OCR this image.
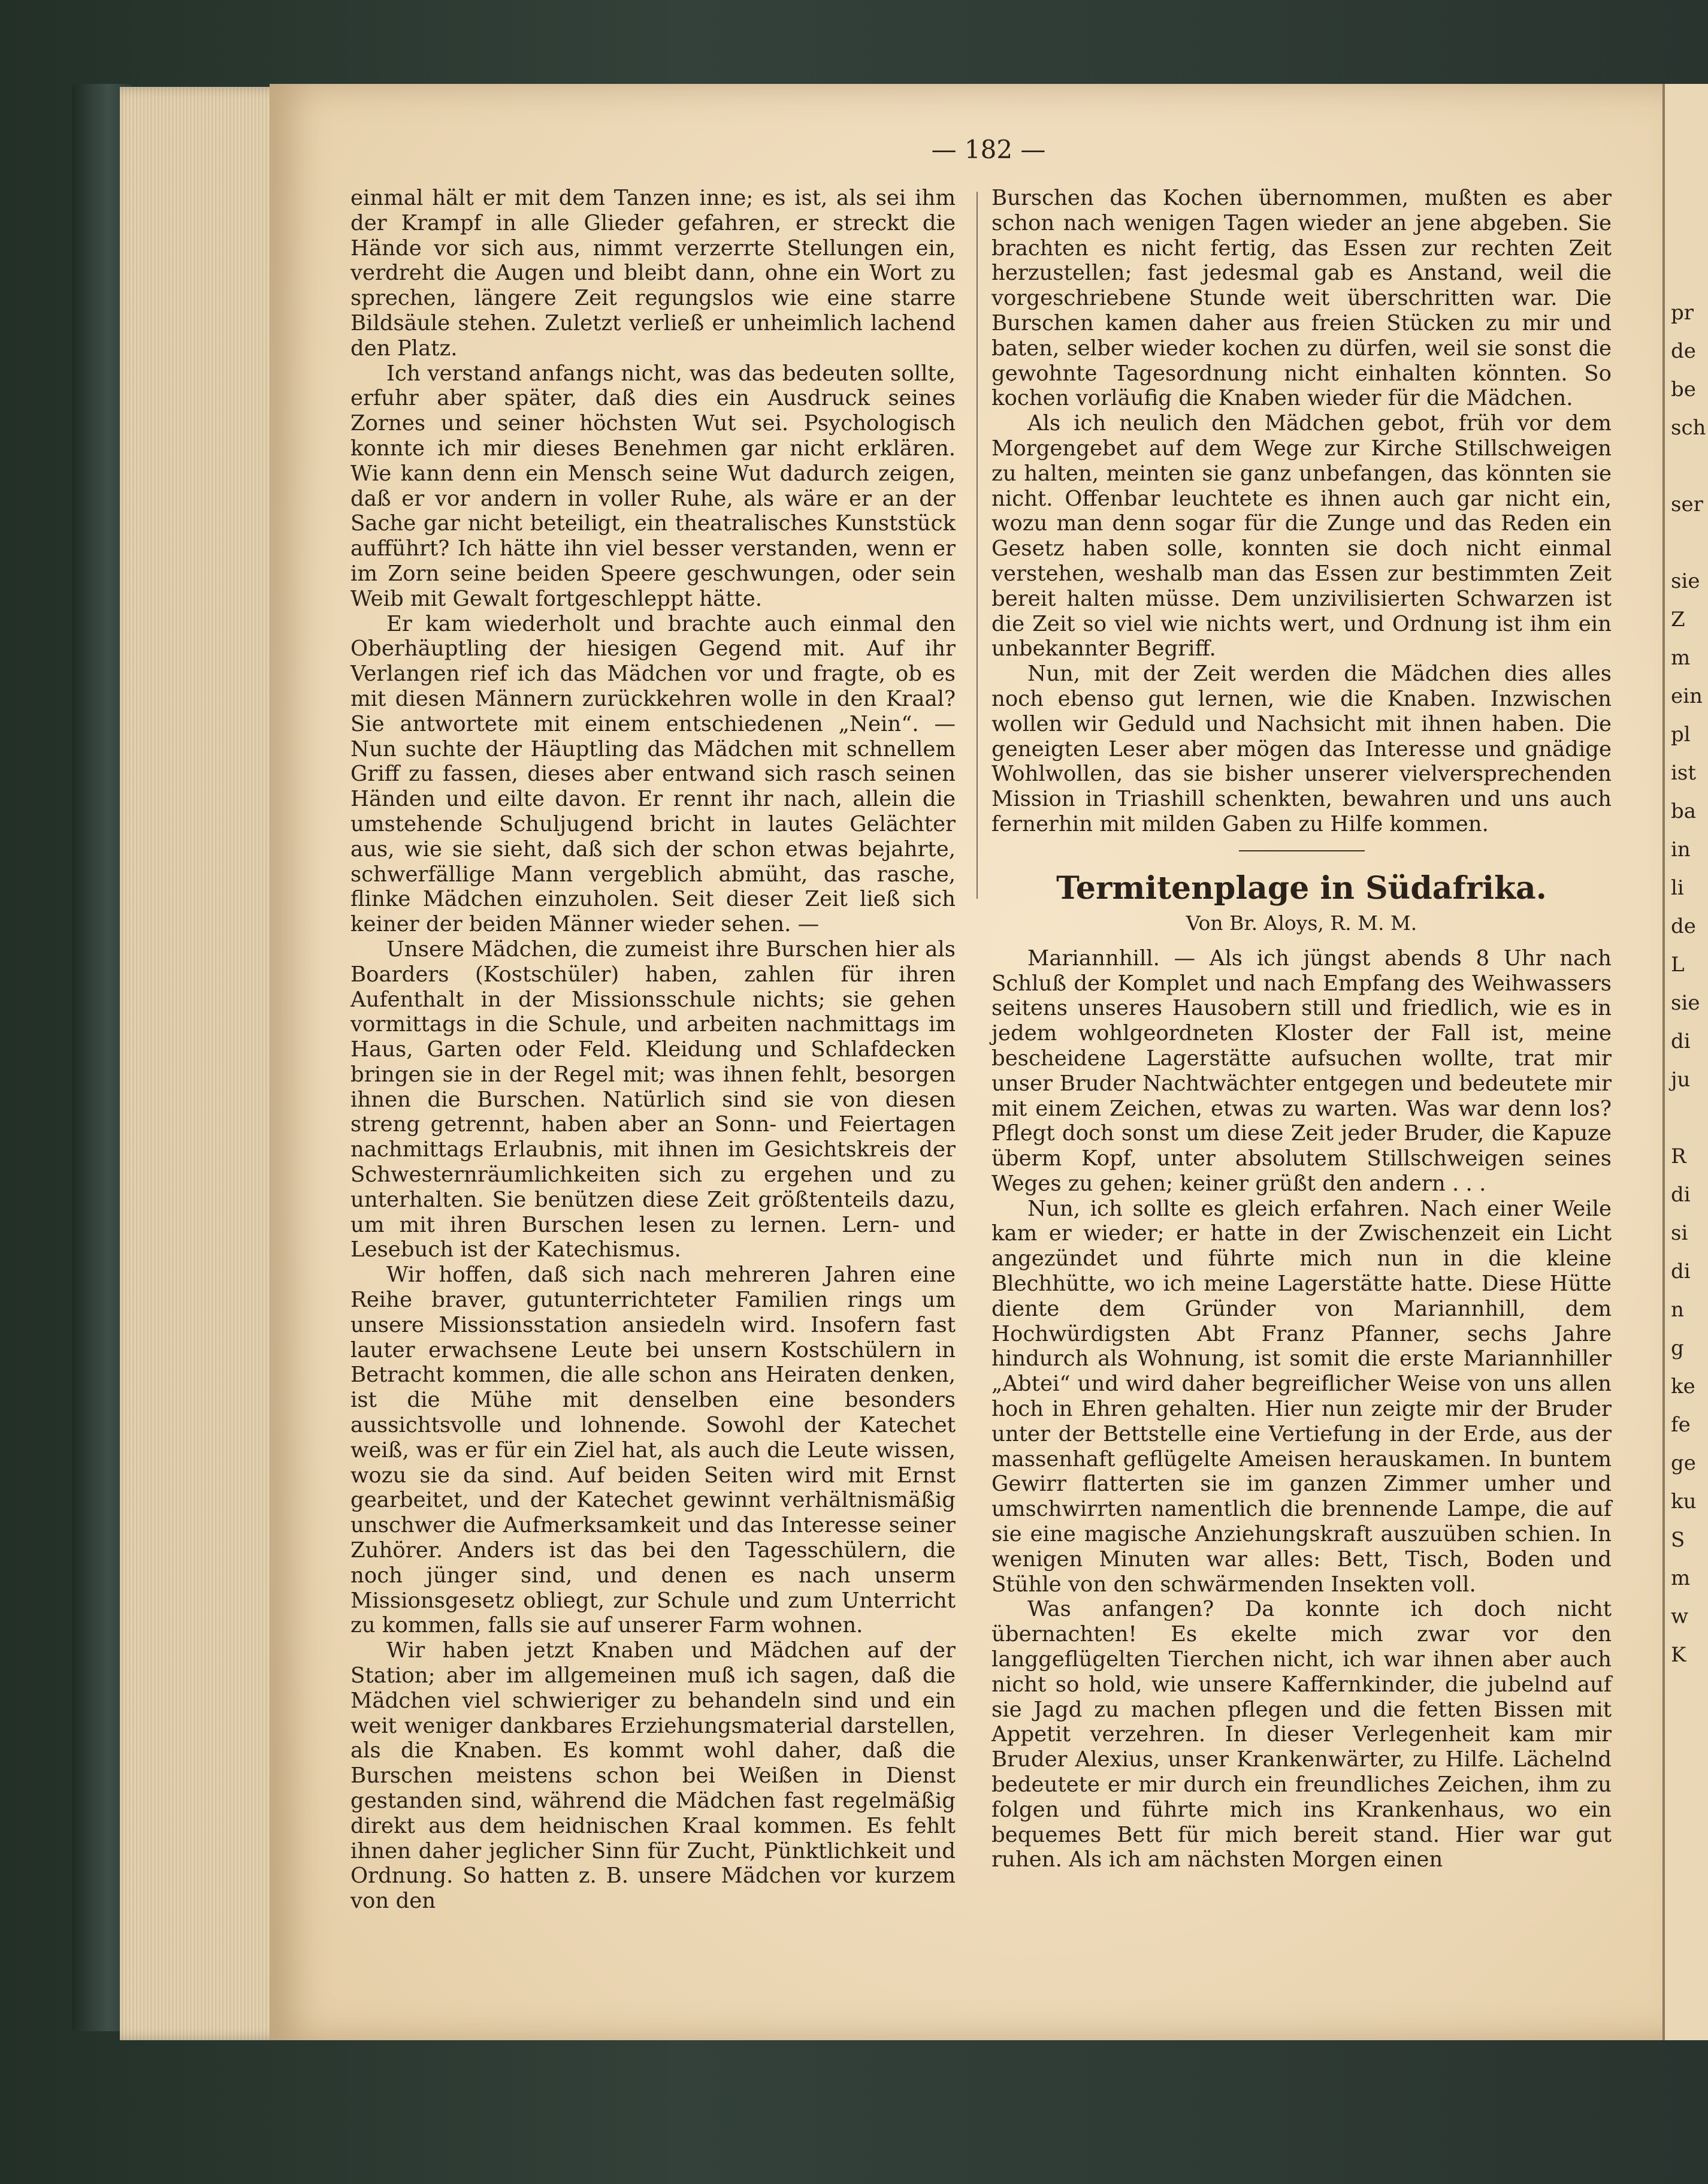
— 182 —

einmal hält er mit dem Tanzen inne; es ist, als sei ihm der Krampf in alle Glieder gefahren, er streckt die Hände vor sich aus, nimmt verzerrte Stellungen ein, verdreht die Augen und bleibt dann, ohne ein Wort zu sprechen, längere Zeit regungslos wie eine starre Bildsäule stehen. Zuletzt verließ er unheimlich lachend den Platz.

Ich verstand anfangs nicht, was das bedeuten sollte, erfuhr aber später, daß dies ein Ausdruck seines Zornes und seiner höchsten Wut sei. Psychologisch konnte ich mir dieses Benehmen gar nicht erklären. Wie kann denn ein Mensch seine Wut dadurch zeigen, daß er vor andern in voller Ruhe, als wäre er an der Sache gar nicht beteiligt, ein theatralisches Kunststück aufführt? Ich hätte ihn viel besser verstanden, wenn er im Zorn seine beiden Speere geschwungen, oder sein Weib mit Gewalt fortgeschleppt hätte.

Er kam wiederholt und brachte auch einmal den Oberhäuptling der hiesigen Gegend mit. Auf ihr Verlangen rief ich das Mädchen vor und fragte, ob es mit diesen Männern zurückkehren wolle in den Kraal? Sie antwortete mit einem entschiedenen „Nein“. — Nun suchte der Häuptling das Mädchen mit schnellem Griff zu fassen, dieses aber entwand sich rasch seinen Händen und eilte davon. Er rennt ihr nach, allein die umstehende Schuljugend bricht in lautes Gelächter aus, wie sie sieht, daß sich der schon etwas bejahrte, schwerfällige Mann vergeblich abmüht, das rasche, flinke Mädchen einzuholen. Seit dieser Zeit ließ sich keiner der beiden Männer wieder sehen. —

Unsere Mädchen, die zumeist ihre Burschen hier als Boarders (Kostschüler) haben, zahlen für ihren Aufenthalt in der Missionsschule nichts; sie gehen vormittags in die Schule, und arbeiten nachmittags im Haus, Garten oder Feld. Kleidung und Schlafdecken bringen sie in der Regel mit; was ihnen fehlt, besorgen ihnen die Burschen. Natürlich sind sie von diesen streng getrennt, haben aber an Sonn- und Feiertagen nachmittags Erlaubnis, mit ihnen im Gesichtskreis der Schwesternräumlichkeiten sich zu ergehen und zu unterhalten. Sie benützen diese Zeit größtenteils dazu, um mit ihren Burschen lesen zu lernen. Lern- und Lesebuch ist der Katechismus.

Wir hoffen, daß sich nach mehreren Jahren eine Reihe braver, gutunterrichteter Familien rings um unsere Missionsstation ansiedeln wird. Insofern fast lauter erwachsene Leute bei unsern Kostschülern in Betracht kommen, die alle schon ans Heiraten denken, ist die Mühe mit denselben eine besonders aussichtsvolle und lohnende. Sowohl der Katechet weiß, was er für ein Ziel hat, als auch die Leute wissen, wozu sie da sind. Auf beiden Seiten wird mit Ernst gearbeitet, und der Katechet gewinnt verhältnismäßig unschwer die Aufmerksamkeit und das Interesse seiner Zuhörer. Anders ist das bei den Tagesschülern, die noch jünger sind, und denen es nach unserm Missionsgesetz obliegt, zur Schule und zum Unterricht zu kommen, falls sie auf unserer Farm wohnen.

Wir haben jetzt Knaben und Mädchen auf der Station; aber im allgemeinen muß ich sagen, daß die Mädchen viel schwieriger zu behandeln sind und ein weit weniger dankbares Erziehungsmaterial darstellen, als die Knaben. Es kommt wohl daher, daß die Burschen meistens schon bei Weißen in Dienst gestanden sind, während die Mädchen fast regelmäßig direkt aus dem heidnischen Kraal kommen. Es fehlt ihnen daher jeglicher Sinn für Zucht, Pünktlichkeit und Ordnung. So hatten z. B. unsere Mädchen vor kurzem von den

Burschen das Kochen übernommen, mußten es aber schon nach wenigen Tagen wieder an jene abgeben. Sie brachten es nicht fertig, das Essen zur rechten Zeit herzustellen; fast jedesmal gab es Anstand, weil die vorgeschriebene Stunde weit überschritten war. Die Burschen kamen daher aus freien Stücken zu mir und baten, selber wieder kochen zu dürfen, weil sie sonst die gewohnte Tagesordnung nicht einhalten könnten. So kochen vorläufig die Knaben wieder für die Mädchen.

Als ich neulich den Mädchen gebot, früh vor dem Morgengebet auf dem Wege zur Kirche Stillschweigen zu halten, meinten sie ganz unbefangen, das könnten sie nicht. Offenbar leuchtete es ihnen auch gar nicht ein, wozu man denn sogar für die Zunge und das Reden ein Gesetz haben solle, konnten sie doch nicht einmal verstehen, weshalb man das Essen zur bestimmten Zeit bereit halten müsse. Dem unzivilisierten Schwarzen ist die Zeit so viel wie nichts wert, und Ordnung ist ihm ein unbekannter Begriff.

Nun, mit der Zeit werden die Mädchen dies alles noch ebenso gut lernen, wie die Knaben. Inzwischen wollen wir Geduld und Nachsicht mit ihnen haben. Die geneigten Leser aber mögen das Interesse und gnädige Wohlwollen, das sie bisher unserer vielversprechenden Mission in Triashill schenkten, bewahren und uns auch fernerhin mit milden Gaben zu Hilfe kommen.

Termitenplage in Südafrika.
Von Br. Aloys, R. M. M.

Mariannhill. — Als ich jüngst abends 8 Uhr nach Schluß der Komplet und nach Empfang des Weihwassers seitens unseres Hausobern still und friedlich, wie es in jedem wohlgeordneten Kloster der Fall ist, meine bescheidene Lagerstätte aufsuchen wollte, trat mir unser Bruder Nachtwächter entgegen und bedeutete mir mit einem Zeichen, etwas zu warten. Was war denn los? Pflegt doch sonst um diese Zeit jeder Bruder, die Kapuze überm Kopf, unter absolutem Stillschweigen seines Weges zu gehen; keiner grüßt den andern . . .

Nun, ich sollte es gleich erfahren. Nach einer Weile kam er wieder; er hatte in der Zwischenzeit ein Licht angezündet und führte mich nun in die kleine Blechhütte, wo ich meine Lagerstätte hatte. Diese Hütte diente dem Gründer von Mariannhill, dem Hochwürdigsten Abt Franz Pfanner, sechs Jahre hindurch als Wohnung, ist somit die erste Mariannhiller „Abtei“ und wird daher begreiflicher Weise von uns allen hoch in Ehren gehalten. Hier nun zeigte mir der Bruder unter der Bettstelle eine Vertiefung in der Erde, aus der massenhaft geflügelte Ameisen herauskamen. In buntem Gewirr flatterten sie im ganzen Zimmer umher und umschwirrten namentlich die brennende Lampe, die auf sie eine magische Anziehungskraft auszuüben schien. In wenigen Minuten war alles: Bett, Tisch, Boden und Stühle von den schwärmenden Insekten voll.

Was anfangen? Da konnte ich doch nicht übernachten! Es ekelte mich zwar vor den langgeflügelten Tierchen nicht, ich war ihnen aber auch nicht so hold, wie unsere Kaffernkinder, die jubelnd auf sie Jagd zu machen pflegen und die fetten Bissen mit Appetit verzehren. In dieser Verlegenheit kam mir Bruder Alexius, unser Krankenwärter, zu Hilfe. Lächelnd bedeutete er mir durch ein freundliches Zeichen, ihm zu folgen und führte mich ins Krankenhaus, wo ein bequemes Bett für mich bereit stand. Hier war gut ruhen. Als ich am nächsten Morgen einen

pr
de
be
sch
ser
sie
Z
m
ein
pl
ist
ba
in
li
de
L
sie
di
ju
R
di
si
di
n
g
ke
fe
ge
ku
S
m
w
K
